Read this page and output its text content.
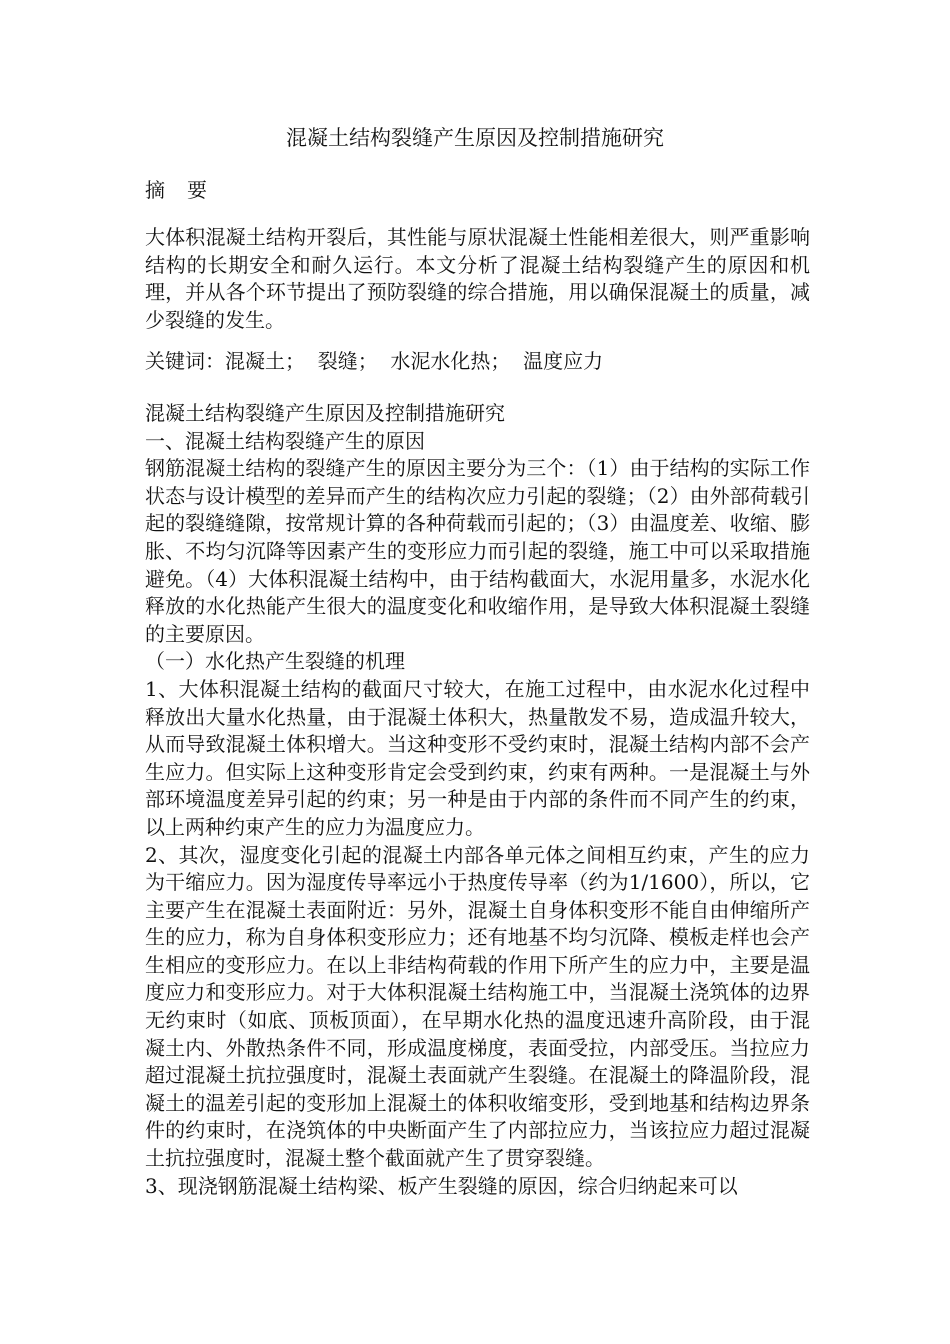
混凝土结构裂缝产生原因及控制措施研究
摘 要
大体积混凝土结构开裂后，其性能与原状混凝土性能相差很大，则严重影响结构的长期安全和耐久运行。本文分析了混凝土结构裂缝产生的原因和机理，并从各个环节提出了预防裂缝的综合措施，用以确保混凝土的质量，减少裂缝的发生。
关键词：混凝土；  裂缝；  水泥水化热；  温度应力

混凝土结构裂缝产生原因及控制措施研究

一、混凝土结构裂缝产生的原因

钢筋混凝土结构的裂缝产生的原因主要分为三个：（1）由于结构的实际工作状态与设计模型的差异而产生的结构次应力引起的裂缝；（2）由外部荷载引起的裂缝缝隙，按常规计算的各种荷载而引起的；（3）由温度差、收缩、膨胀、不均匀沉降等因素产生的变形应力而引起的裂缝，施工中可以采取措施避免。（4）大体积混凝土结构中，由于结构截面大，水泥用量多，水泥水化释放的水化热能产生很大的温度变化和收缩作用，是导致大体积混凝土裂缝的主要原因。

（一）水化热产生裂缝的机理

1、大体积混凝土结构的截面尺寸较大，在施工过程中，由水泥水化过程中释放出大量水化热量，由于混凝土体积大，热量散发不易，造成温升较大，从而导致混凝土体积增大。当这种变形不受约束时，混凝土结构内部不会产生应力。但实际上这种变形肯定会受到约束，约束有两种。一是混凝土与外部环境温度差异引起的约束；另一种是由于内部的条件而不同产生的约束，以上两种约束产生的应力为温度应力。

2、其次，湿度变化引起的混凝土内部各单元体之间相互约束，产生的应力为干缩应力。因为湿度传导率远小于热度传导率（约为1/1600），所以，它主要产生在混凝土表面附近：另外，混凝土自身体积变形不能自由伸缩所产生的应力，称为自身体积变形应力；还有地基不均匀沉降、模板走样也会产生相应的变形应力。在以上非结构荷载的作用下所产生的应力中，主要是温度应力和变形应力。对于大体积混凝土结构施工中，当混凝土浇筑体的边界无约束时（如底、顶板顶面），在早期水化热的温度迅速升高阶段，由于混凝土内、外散热条件不同，形成温度梯度，表面受拉，内部受压。当拉应力超过混凝土抗拉强度时，混凝土表面就产生裂缝。在混凝土的降温阶段，混凝土的温差引起的变形加上混凝土的体积收缩变形，受到地基和结构边界条件的约束时，在浇筑体的中央断面产生了内部拉应力，当该拉应力超过混凝土抗拉强度时，混凝土整个截面就产生了贯穿裂缝。

3、现浇钢筋混凝土结构梁、板产生裂缝的原因，综合归纳起来可以
